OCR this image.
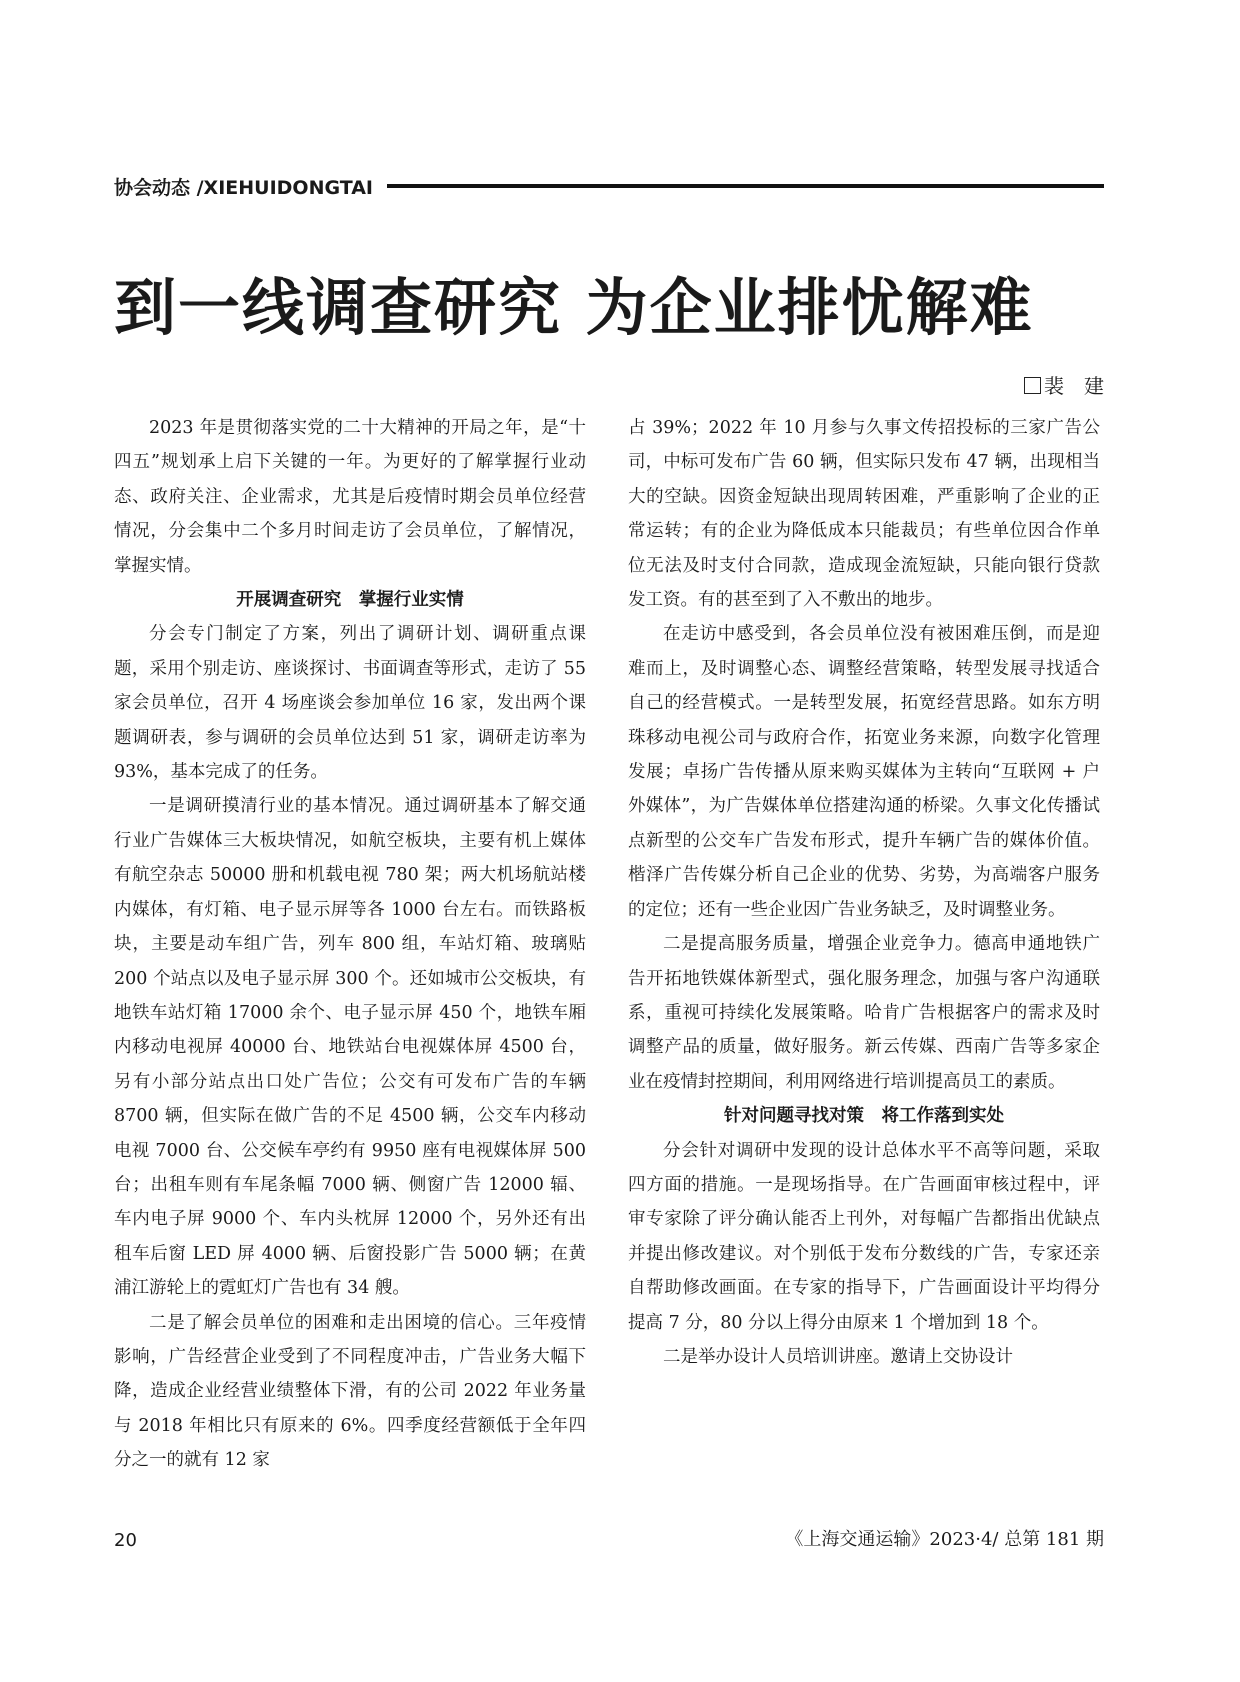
协会动态 /XIEHUIDONGTAI
到一线调查研究 为企业排忧解难
裴　建

2023 年是贯彻落实党的二十大精神的开局之年，是“十四五”规划承上启下关键的一年。为更好的了解掌握行业动态、政府关注、企业需求，尤其是后疫情时期会员单位经营情况，分会集中二个多月时间走访了会员单位，了解情况，掌握实情。

开展调查研究　掌握行业实情

分会专门制定了方案，列出了调研计划、调研重点课题，采用个别走访、座谈探讨、书面调查等形式，走访了 55 家会员单位，召开 4 场座谈会参加单位 16 家，发出两个课题调研表，参与调研的会员单位达到 51 家，调研走访率为 93%，基本完成了的任务。

一是调研摸清行业的基本情况。通过调研基本了解交通行业广告媒体三大板块情况，如航空板块，主要有机上媒体有航空杂志 50000 册和机载电视 780 架；两大机场航站楼内媒体，有灯箱、电子显示屏等各 1000 台左右。而铁路板块，主要是动车组广告，列车 800 组，车站灯箱、玻璃贴 200 个站点以及电子显示屏 300 个。还如城市公交板块，有地铁车站灯箱 17000 余个、电子显示屏 450 个，地铁车厢内移动电视屏 40000 台、地铁站台电视媒体屏 4500 台，另有小部分站点出口处广告位；公交有可发布广告的车辆 8700 辆，但实际在做广告的不足 4500 辆，公交车内移动电视 7000 台、公交候车亭约有 9950 座有电视媒体屏 500 台；出租车则有车尾条幅 7000 辆、侧窗广告 12000 辐、车内电子屏 9000 个、车内头枕屏 12000 个，另外还有出租车后窗 LED 屏 4000 辆、后窗投影广告 5000 辆；在黄浦江游轮上的霓虹灯广告也有 34 艘。

二是了解会员单位的困难和走出困境的信心。三年疫情影响，广告经营企业受到了不同程度冲击，广告业务大幅下降，造成企业经营业绩整体下滑，有的公司 2022 年业务量与 2018 年相比只有原来的 6%。四季度经营额低于全年四分之一的就有 12 家

占 39%；2022 年 10 月参与久事文传招投标的三家广告公司，中标可发布广告 60 辆，但实际只发布 47 辆，出现相当大的空缺。因资金短缺出现周转困难，严重影响了企业的正常运转；有的企业为降低成本只能裁员；有些单位因合作单位无法及时支付合同款，造成现金流短缺，只能向银行贷款发工资。有的甚至到了入不敷出的地步。

在走访中感受到，各会员单位没有被困难压倒，而是迎难而上，及时调整心态、调整经营策略，转型发展寻找适合自己的经营模式。一是转型发展，拓宽经营思路。如东方明珠移动电视公司与政府合作，拓宽业务来源，向数字化管理发展；卓扬广告传播从原来购买媒体为主转向“互联网 + 户外媒体”，为广告媒体单位搭建沟通的桥梁。久事文化传播试点新型的公交车广告发布形式，提升车辆广告的媒体价值。楷泽广告传媒分析自己企业的优势、劣势，为高端客户服务的定位；还有一些企业因广告业务缺乏，及时调整业务。

二是提高服务质量，增强企业竞争力。德高申通地铁广告开拓地铁媒体新型式，强化服务理念，加强与客户沟通联系，重视可持续化发展策略。哈肯广告根据客户的需求及时调整产品的质量，做好服务。新云传媒、西南广告等多家企业在疫情封控期间，利用网络进行培训提高员工的素质。

针对问题寻找对策　将工作落到实处

分会针对调研中发现的设计总体水平不高等问题，采取四方面的措施。一是现场指导。在广告画面审核过程中，评审专家除了评分确认能否上刊外，对每幅广告都指出优缺点并提出修改建议。对个别低于发布分数线的广告，专家还亲自帮助修改画面。在专家的指导下，广告画面设计平均得分提高 7 分，80 分以上得分由原来 1 个增加到 18 个。

二是举办设计人员培训讲座。邀请上交协设计

20	《上海交通运输》2023·4/ 总第 181 期
